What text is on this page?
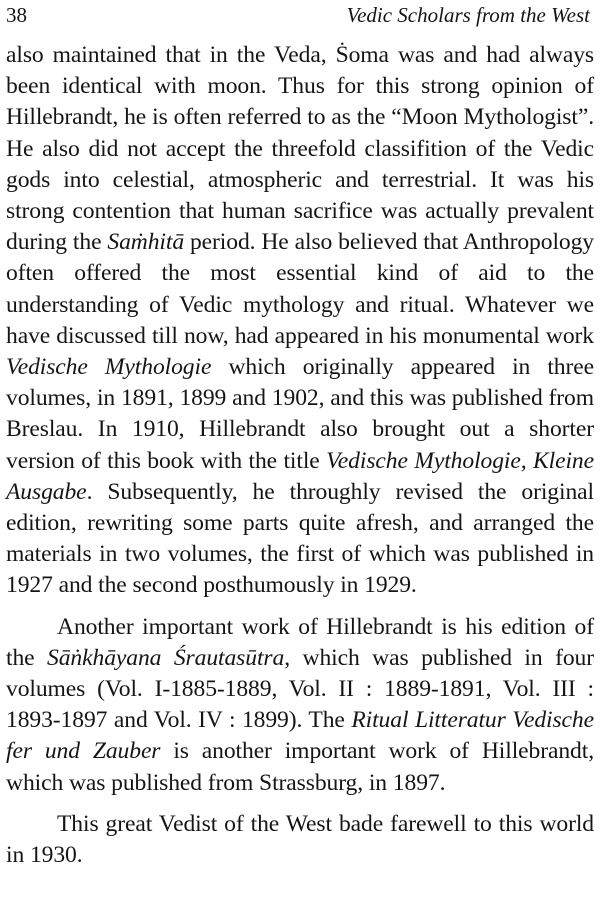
38	Vedic Scholars from the West

also maintained that in the Veda, Ṡoma was and had always been identical with moon. Thus for this strong opinion of Hillebrandt, he is often referred to as the “Moon Mythologist”. He also did not accept the threefold classifition of the Vedic gods into celestial, atmospheric and terrestrial. It was his strong contention that human sacrifice was actually prevalent during the Saṁhitā period. He also believed that Anthropology often offered the most essential kind of aid to the understanding of Vedic mythology and ritual. Whatever we have discussed till now, had appeared in his monumental work Vedische Mythologie which originally appeared in three volumes, in 1891, 1899 and 1902, and this was published from Breslau. In 1910, Hillebrandt also brought out a shorter version of this book with the title Vedische Mythologie, Kleine Ausgabe. Subsequently, he throughly revised the original edition, rewriting some parts quite afresh, and arranged the materials in two volumes, the first of which was published in 1927 and the second posthumously in 1929.

Another important work of Hillebrandt is his edition of the Sāṅkhāyana Śrautasūtra, which was published in four volumes (Vol. I-1885-1889, Vol. II : 1889-1891, Vol. III : 1893-1897 and Vol. IV : 1899). The Ritual Litteratur Vedische fer und Zauber is another important work of Hillebrandt, which was published from Strassburg, in 1897.

This great Vedist of the West bade farewell to this world in 1930.
